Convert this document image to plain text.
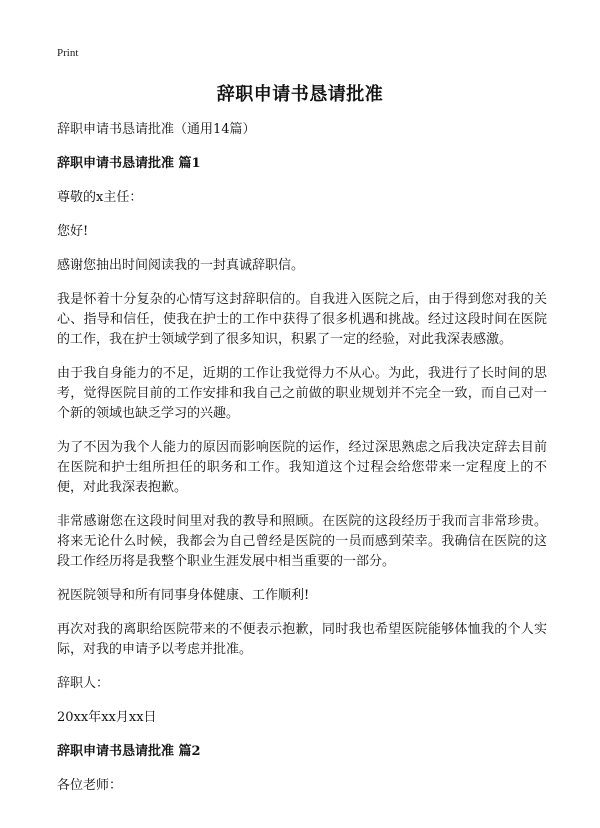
Print
辞职申请书恳请批准

辞职申请书恳请批准（通用14篇）

辞职申请书恳请批准 篇1

尊敬的x主任：

您好!

感谢您抽出时间阅读我的一封真诚辞职信。

我是怀着十分复杂的心情写这封辞职信的。自我进入医院之后，由于得到您对我的关心、指导和信任，使我在护士的工作中获得了很多机遇和挑战。经过这段时间在医院的工作，我在护士领域学到了很多知识，积累了一定的经验，对此我深表感激。

由于我自身能力的不足，近期的工作让我觉得力不从心。为此，我进行了长时间的思考，觉得医院目前的工作安排和我自己之前做的职业规划并不完全一致，而自己对一个新的领域也缺乏学习的兴趣。

为了不因为我个人能力的原因而影响医院的运作，经过深思熟虑之后我决定辞去目前在医院和护士组所担任的职务和工作。我知道这个过程会给您带来一定程度上的不便，对此我深表抱歉。

非常感谢您在这段时间里对我的教导和照顾。在医院的这段经历于我而言非常珍贵。将来无论什么时候，我都会为自己曾经是医院的一员而感到荣幸。我确信在医院的这段工作经历将是我整个职业生涯发展中相当重要的一部分。

祝医院领导和所有同事身体健康、工作顺利!

再次对我的离职给医院带来的不便表示抱歉，同时我也希望医院能够体恤我的个人实际，对我的申请予以考虑并批准。

辞职人：

20xx年xx月xx日

辞职申请书恳请批准 篇2

各位老师：
